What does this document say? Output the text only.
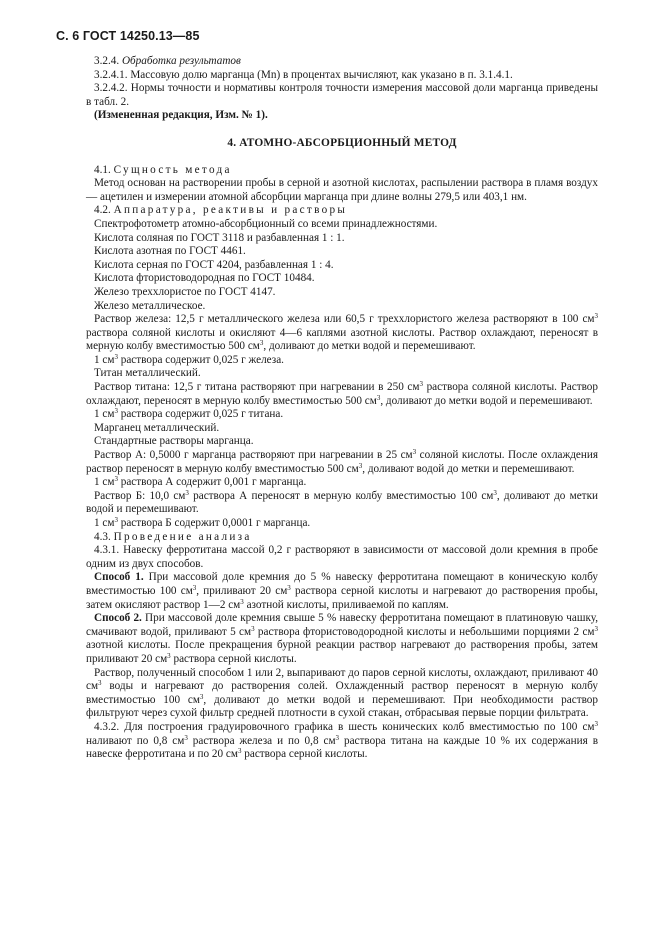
С. 6 ГОСТ 14250.13—85

3.2.4. Обработка результатов

3.2.4.1. Массовую долю марганца (Mn) в процентах вычисляют, как указано в п. 3.1.4.1.

3.2.4.2. Нормы точности и нормативы контроля точности измерения массовой доли марганца приведены в табл. 2.

(Измененная редакция, Изм. № 1).

4. АТОМНО-АБСОРБЦИОННЫЙ МЕТОД

4.1. Сущность метода

Метод основан на растворении пробы в серной и азотной кислотах, распылении раствора в пламя воздух — ацетилен и измерении атомной абсорбции марганца при длине волны 279,5 или 403,1 нм.

4.2. Аппаратура, реактивы и растворы

Спектрофотометр атомно-абсорбционный со всеми принадлежностями.

Кислота соляная по ГОСТ 3118 и разбавленная 1 : 1.

Кислота азотная по ГОСТ 4461.

Кислота серная по ГОСТ 4204, разбавленная 1 : 4.

Кислота фтористоводородная по ГОСТ 10484.

Железо треххлористое по ГОСТ 4147.

Железо металлическое.

Раствор железа: 12,5 г металлического железа или 60,5 г треххлористого железа растворяют в 100 $см^3$ раствора соляной кислоты и окисляют 4—6 каплями азотной кислоты. Раствор охлаждают, переносят в мерную колбу вместимостью 500 $см^3$, доливают до метки водой и перемешивают.

1 $см^3$ раствора содержит 0,025 г железа.

Титан металлический.

Раствор титана: 12,5 г титана растворяют при нагревании в 250 $см^3$ раствора соляной кислоты. Раствор охлаждают, переносят в мерную колбу вместимостью 500 $см^3$, доливают до метки водой и перемешивают.

1 $см^3$ раствора содержит 0,025 г титана.

Марганец металлический.

Стандартные растворы марганца.

Раствор А: 0,5000 г марганца растворяют при нагревании в 25 $см^3$ соляной кислоты. После охлаждения раствор переносят в мерную колбу вместимостью 500 $см^3$, доливают водой до метки и перемешивают.

1 $см^3$ раствора А содержит 0,001 г марганца.

Раствор Б: 10,0 $см^3$ раствора А переносят в мерную колбу вместимостью 100 $см^3$, доливают до метки водой и перемешивают.

1 $см^3$ раствора Б содержит 0,0001 г марганца.

4.3. Проведение анализа

4.3.1. Навеску ферротитана массой 0,2 г растворяют в зависимости от массовой доли кремния в пробе одним из двух способов.

Способ 1. При массовой доле кремния до 5 % навеску ферротитана помещают в коническую колбу вместимостью 100 $см^3$, приливают 20 $см^3$ раствора серной кислоты и нагревают до растворения пробы, затем окисляют раствор 1—2 $см^3$ азотной кислоты, приливаемой по каплям.

Способ 2. При массовой доле кремния свыше 5 % навеску ферротитана помещают в платиновую чашку, смачивают водой, приливают 5 $см^3$ раствора фтористоводородной кислоты и небольшими порциями 2 $см^3$ азотной кислоты. После прекращения бурной реакции раствор нагревают до растворения пробы, затем приливают 20 $см^3$ раствора серной кислоты.

Раствор, полученный способом 1 или 2, выпаривают до паров серной кислоты, охлаждают, приливают 40 $см^3$ воды и нагревают до растворения солей. Охлажденный раствор переносят в мерную колбу вместимостью 100 $см^3$, доливают до метки водой и перемешивают. При необходимости раствор фильтруют через сухой фильтр средней плотности в сухой стакан, отбрасывая первые порции фильтрата.

4.3.2. Для построения градуировочного графика в шесть конических колб вместимостью по 100 $см^3$ наливают по 0,8 $см^3$ раствора железа и по 0,8 $см^3$ раствора титана на каждые 10 % их содержания в навеске ферротитана и по 20 $см^3$ раствора серной кислоты.
